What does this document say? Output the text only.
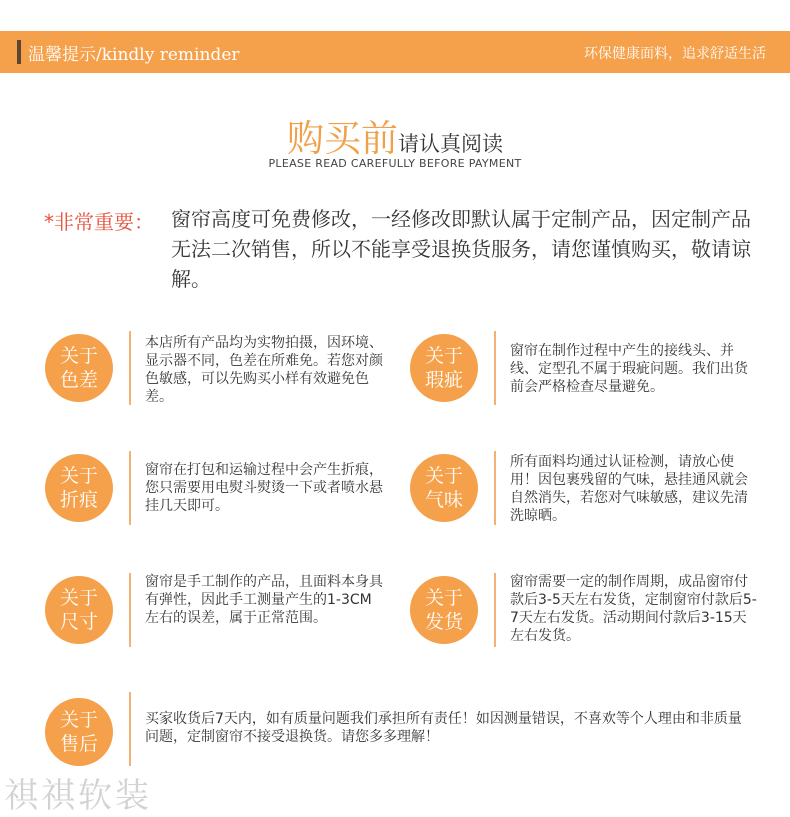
温馨提示/kindly reminder	环保健康面料，追求舒适生活
购买前请认真阅读
PLEASE READ CAREFULLY BEFORE PAYMENT
*非常重要： 窗帘高度可免费修改，一经修改即默认属于定制产品，因定制产品无法二次销售，所以不能享受退换货服务，请您谨慎购买，敬请谅解。
关于
色差
本店所有产品均为实物拍摄，因环境、显示器不同，色差在所难免。若您对颜色敏感，可以先购买小样有效避免色差。
关于
瑕疵
窗帘在制作过程中产生的接线头、并线、定型孔不属于瑕疵问题。我们出货前会严格检查尽量避免。
关于
折痕
窗帘在打包和运输过程中会产生折痕，您只需要用电熨斗熨烫一下或者喷水悬挂几天即可。
关于
气味
所有面料均通过认证检测，请放心使用！因包裹残留的气味，悬挂通风就会自然消失，若您对气味敏感，建议先清洗晾晒。
关于
尺寸
窗帘是手工制作的产品，且面料本身具有弹性，因此手工测量产生的1-3CM左右的误差，属于正常范围。
关于
发货
窗帘需要一定的制作周期，成品窗帘付款后3-5天左右发货，定制窗帘付款后5-7天左右发货。活动期间付款后3-15天左右发货。
关于
售后
买家收货后7天内，如有质量问题我们承担所有责任！如因测量错误，不喜欢等个人理由和非质量问题，定制窗帘不接受退换货。请您多多理解！
祺祺软装
